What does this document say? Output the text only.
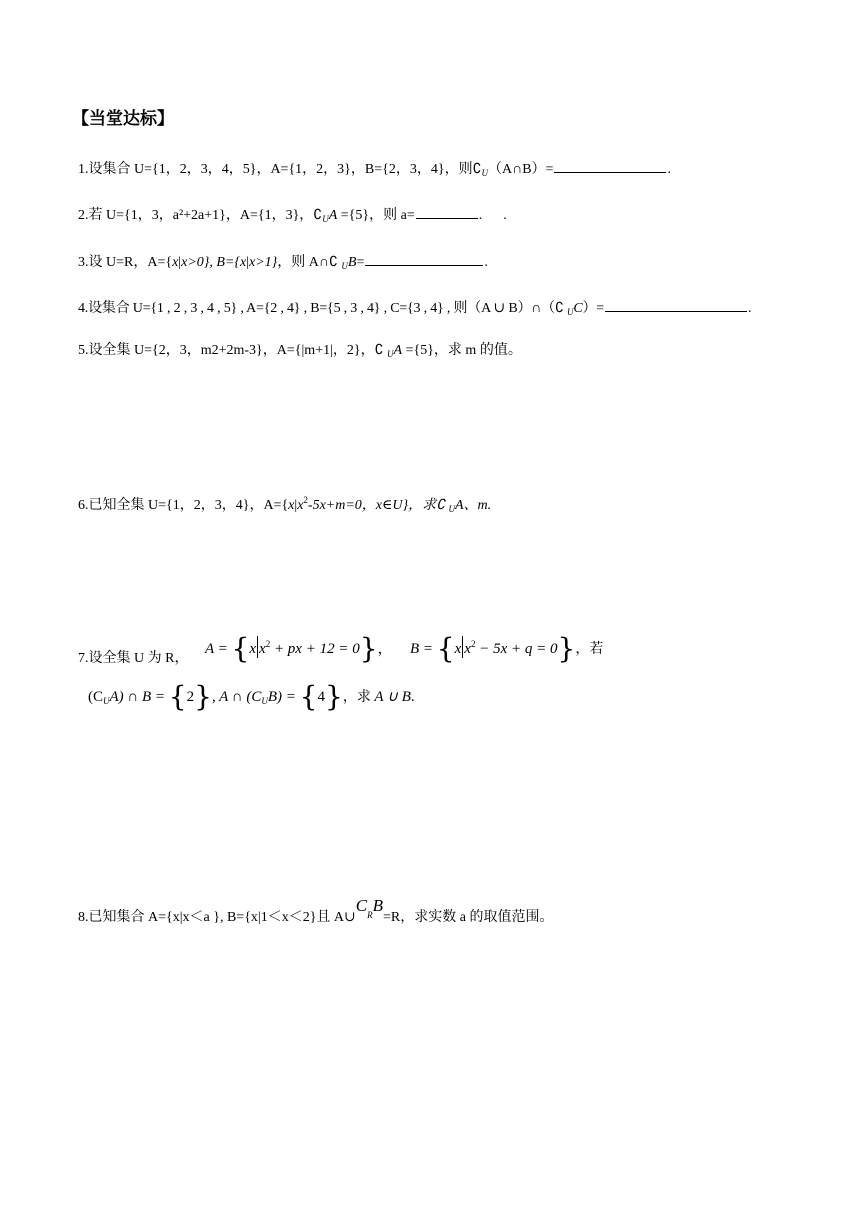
【当堂达标】
1.设集合 U={1，2，3，4，5}，A={1，2，3}，B={2，3，4}，则$∁_U(A\cap B)=$	.
2.若 U={1，3，a²+2a+1}，A={1，3}，$∁_UA =\{5\}$，则 a=	.      .
3.设 U=R，A={x|x>0}, B={x|x>1}，则 A∩∁ $_U$B=	.
4.设集合 U={1 , 2 , 3 , 4 , 5} , A={2 , 4} , B={5 , 3 , 4} , C={3 , 4} , 则（A ∪ B）∩（∁ $_U$C）=	.
5.设全集 U={2，3，m2+2m-3}，A={|m+1|，2}，∁ $_U$A ={5}，求 m 的值。
6.已知全集 U={1，2，3，4}，$A=\{x|x^2-5x+m=0$，x∈U}，求∁ $_U$A、m.
7.设全集 U 为 R，
A = {x $x^2$ + px + 12 = 0}， B = {x $x^2 - 5x + q = 0$}，若
$(C_UA)$ ∩ B = {2}, A ∩ $(C_UB) = \{4\}$，求 A ∪ B.
8.已知集合 A={x|x＜a }, B={x|1＜x＜2}且 $A\cup C^RB=R$，求实数 a 的取值范围。
